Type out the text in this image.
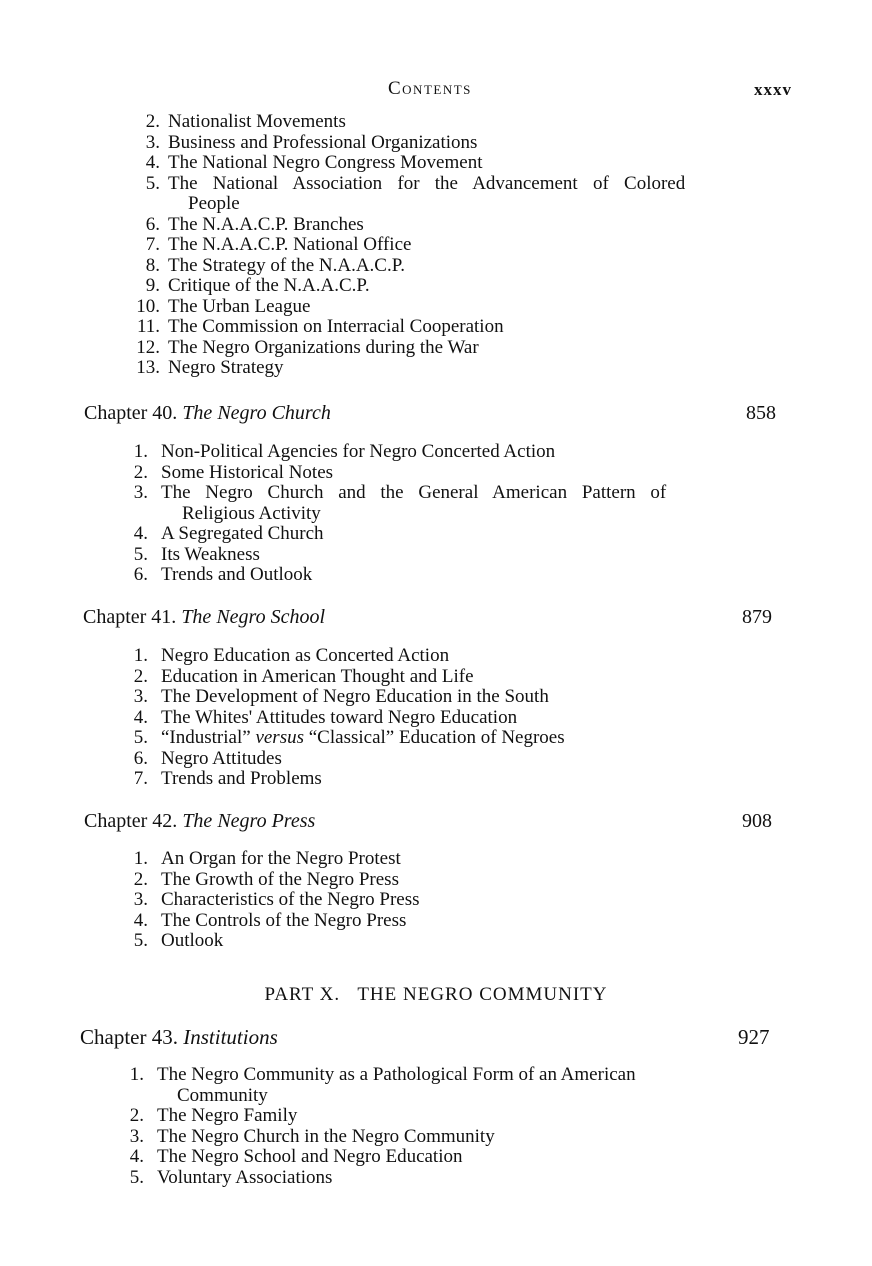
Contents	xxxv
2. Nationalist Movements
3. Business and Professional Organizations
4. The National Negro Congress Movement
5. The National Association for the Advancement of Colored
People
6. The N.A.A.C.P. Branches
7. The N.A.A.C.P. National Office
8. The Strategy of the N.A.A.C.P.
9. Critique of the N.A.A.C.P.
10. The Urban League
11. The Commission on Interracial Cooperation
12. The Negro Organizations during the War
13. Negro Strategy
Chapter 40. The Negro Church	858
1. Non-Political Agencies for Negro Concerted Action
2. Some Historical Notes
3. The Negro Church and the General American Pattern of
Religious Activity
4. A Segregated Church
5. Its Weakness
6. Trends and Outlook
Chapter 41. The Negro School	879
1. Negro Education as Concerted Action
2. Education in American Thought and Life
3. The Development of Negro Education in the South
4. The Whites' Attitudes toward Negro Education
5. “Industrial” versus “Classical” Education of Negroes
6. Negro Attitudes
7. Trends and Problems
Chapter 42. The Negro Press	908
1. An Organ for the Negro Protest
2. The Growth of the Negro Press
3. Characteristics of the Negro Press
4. The Controls of the Negro Press
5. Outlook
PART X. THE NEGRO COMMUNITY
Chapter 43. Institutions	927
1. The Negro Community as a Pathological Form of an American
Community
2. The Negro Family
3. The Negro Church in the Negro Community
4. The Negro School and Negro Education
5. Voluntary Associations
